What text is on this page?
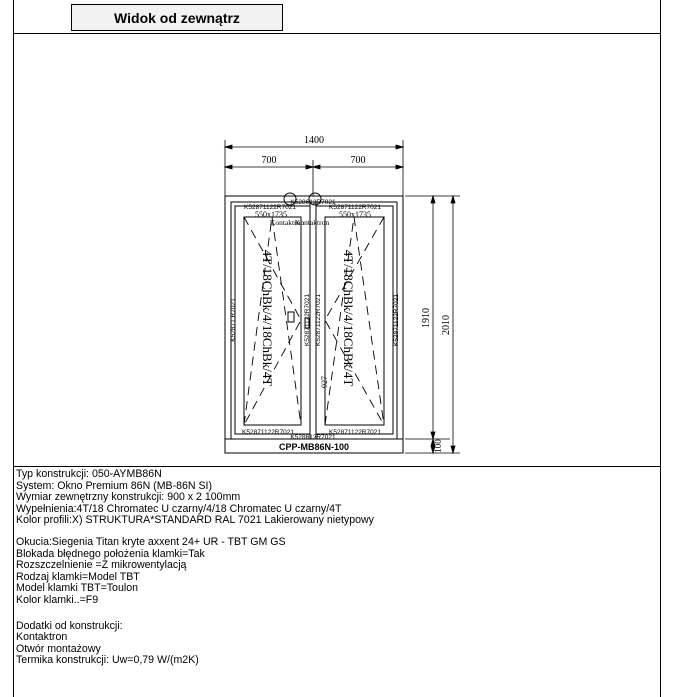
Widok od zewnątrz
1400
700	700
1910 2010
100
927
K52871122R7021
K528612R7021
K52871122R7021
K52871122R7021
K528612R7021
K52871122R7021
K52871 R7021	K52871122R7021
K52871122R7021 K52871122R7021
550x1735	550x1735
Kontaktron
Kontaktron
4T/18ChBk/4/18ChBk/4T	4T/18ChBk/4/18ChBk/4T
CPP-MB86N-100
Typ konstrukcji: 050-AYMB86N
System: Okno Premium 86N (MB-86N SI)
Wymiar zewnętrzny konstrukcji: 900 x 2 100mm
Wypełnienia:4T/18 Chromatec U czarny/4/18 Chromatec U czarny/4T
Kolor profili:X) STRUKTURA*STANDARD RAL 7021 Lakierowany nietypowy
Okucia:Siegenia Titan kryte axxent 24+ UR - TBT GM GS
Blokada błędnego położenia klamki=Tak
Rozszczelnienie =Z mikrowentylacją
Rodzaj klamki=Model TBT
Model klamki TBT=Toulon
Kolor klamki..=F9
Dodatki od konstrukcji:
Kontaktron
Otwór montażowy
Termika konstrukcji: Uw=0,79 W/(m2K)
